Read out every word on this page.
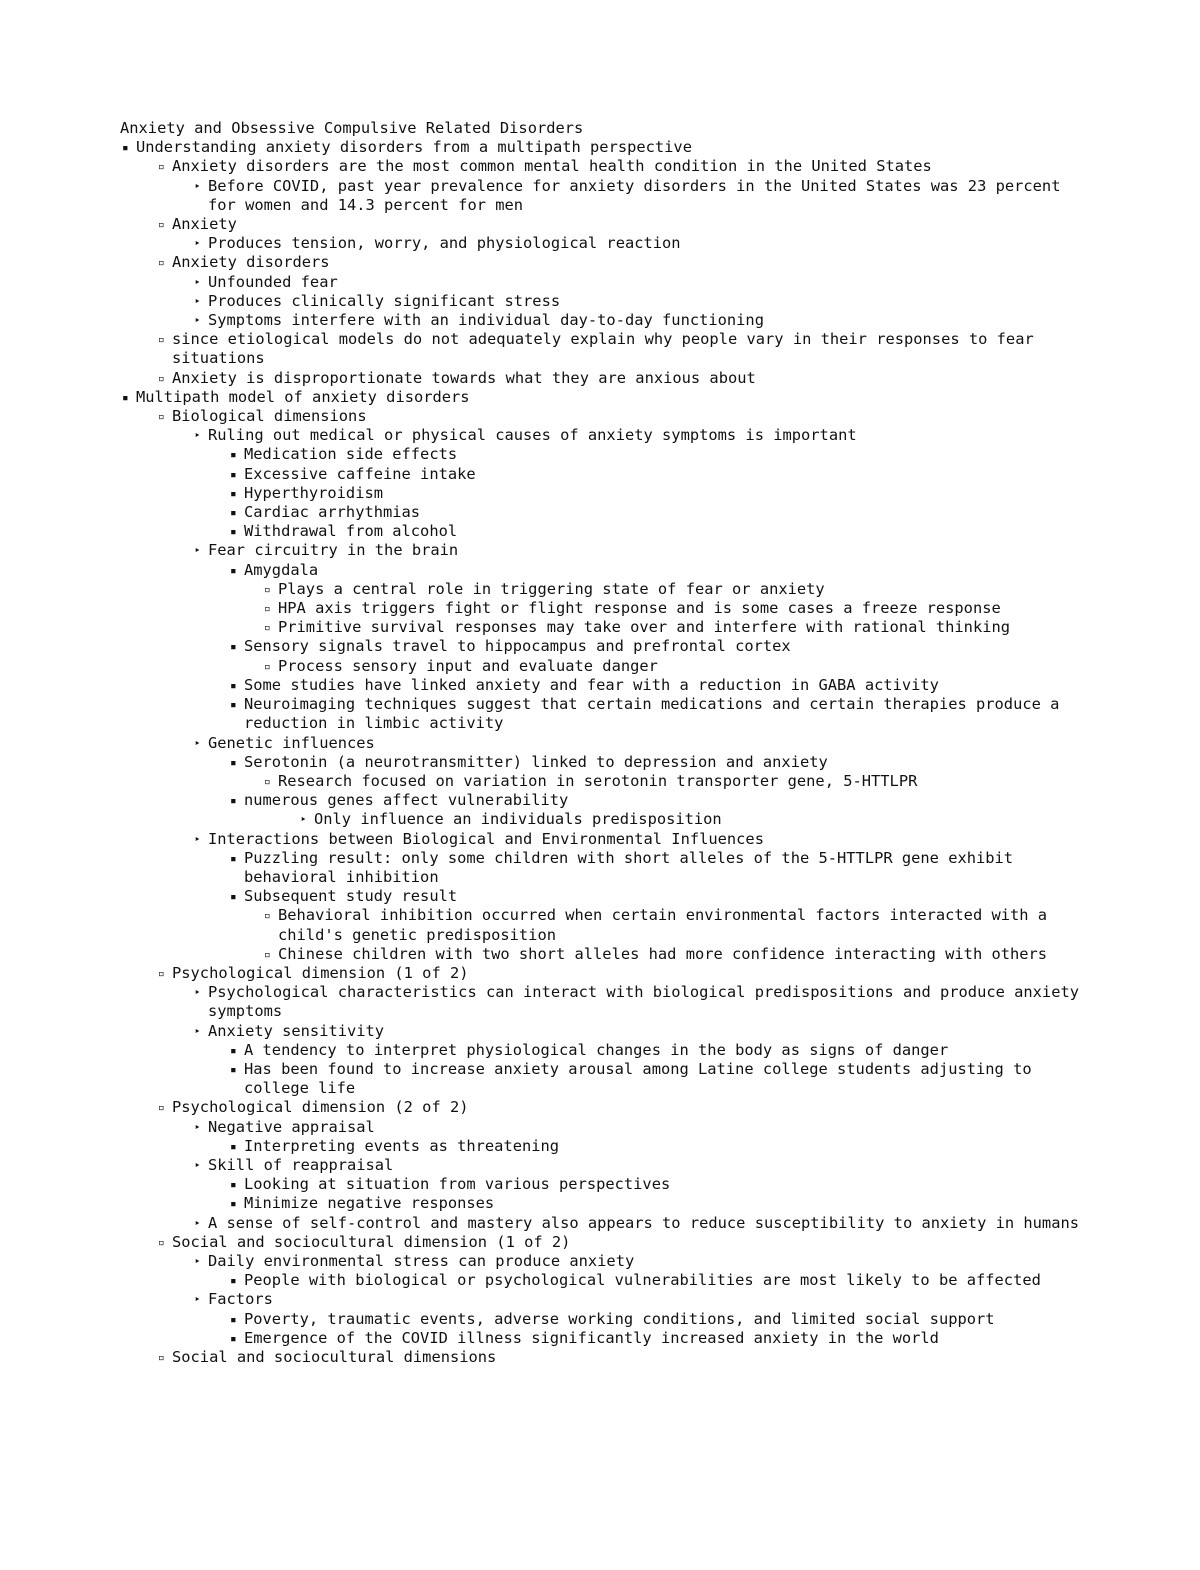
Anxiety and Obsessive Compulsive Related Disorders
▪ Understanding anxiety disorders from a multipath perspective
▫ Anxiety disorders are the most common mental health condition in the United States
‣ Before COVID, past year prevalence for anxiety disorders in the United States was 23 percent for women and 14.3 percent for men
▫ Anxiety
‣ Produces tension, worry, and physiological reaction
▫ Anxiety disorders
‣ Unfounded fear
‣ Produces clinically significant stress
‣ Symptoms interfere with an individual day-to-day functioning
▫ since etiological models do not adequately explain why people vary in their responses to fear situations
▫ Anxiety is disproportionate towards what they are anxious about
▪ Multipath model of anxiety disorders
▫ Biological dimensions
‣ Ruling out medical or physical causes of anxiety symptoms is important
▪ Medication side effects
▪ Excessive caffeine intake
▪ Hyperthyroidism
▪ Cardiac arrhythmias
▪ Withdrawal from alcohol
‣ Fear circuitry in the brain
▪ Amygdala
▫ Plays a central role in triggering state of fear or anxiety
▫ HPA axis triggers fight or flight response and is some cases a freeze response
▫ Primitive survival responses may take over and interfere with rational thinking
▪ Sensory signals travel to hippocampus and prefrontal cortex
▫ Process sensory input and evaluate danger
▪ Some studies have linked anxiety and fear with a reduction in GABA activity
▪ Neuroimaging techniques suggest that certain medications and certain therapies produce a reduction in limbic activity
‣ Genetic influences
▪ Serotonin (a neurotransmitter) linked to depression and anxiety
▫ Research focused on variation in serotonin transporter gene, 5-HTTLPR
▪ numerous genes affect vulnerability
‣ Only influence an individuals predisposition
‣ Interactions between Biological and Environmental Influences
▪ Puzzling result: only some children with short alleles of the 5-HTTLPR gene exhibit behavioral inhibition
▪ Subsequent study result
▫ Behavioral inhibition occurred when certain environmental factors interacted with a child's genetic predisposition
▫ Chinese children with two short alleles had more confidence interacting with others
▫ Psychological dimension (1 of 2)
‣ Psychological characteristics can interact with biological predispositions and produce anxiety symptoms
‣ Anxiety sensitivity
▪ A tendency to interpret physiological changes in the body as signs of danger
▪ Has been found to increase anxiety arousal among Latine college students adjusting to college life
▫ Psychological dimension (2 of 2)
‣ Negative appraisal
▪ Interpreting events as threatening
‣ Skill of reappraisal
▪ Looking at situation from various perspectives
▪ Minimize negative responses
‣ A sense of self-control and mastery also appears to reduce susceptibility to anxiety in humans
▫ Social and sociocultural dimension (1 of 2)
‣ Daily environmental stress can produce anxiety
▪ People with biological or psychological vulnerabilities are most likely to be affected
‣ Factors
▪ Poverty, traumatic events, adverse working conditions, and limited social support
▪ Emergence of the COVID illness significantly increased anxiety in the world
▫ Social and sociocultural dimensions
